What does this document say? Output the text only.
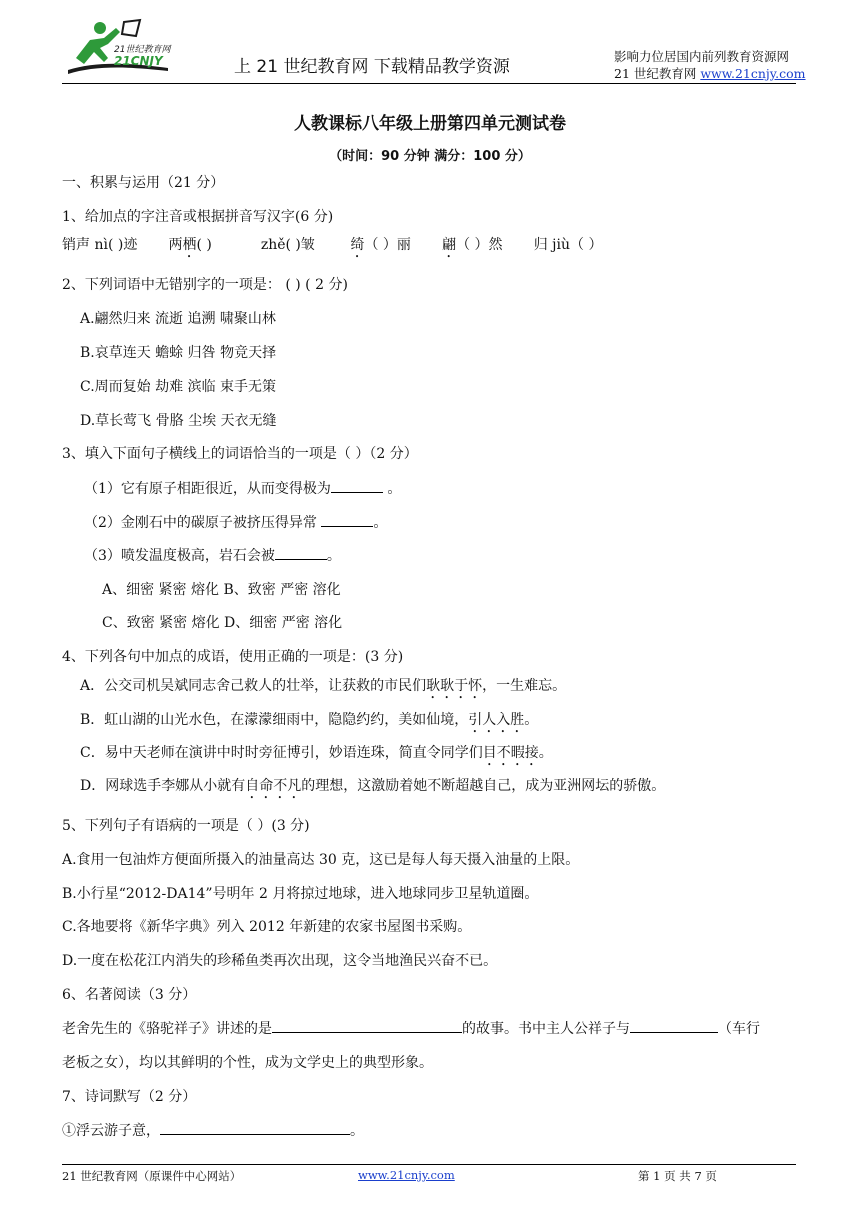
21世纪教育网
21CNJY	上 21 世纪教育网 下载精品教学资源
影响力位居国内前列教育资源网
21 世纪教育网 www.21cnjy.com
人教课标八年级上册第四单元测试卷
（时间：90 分钟 满分：100 分）
一、积累与运用（21 分）
1、给加点的字注音或根据拼音写汉字(6 分)
销声 nì( )迹 两栖( )	zhě( )皱	绮（ ）丽 翩（ ）然 归 jiù（ ）
2、下列词语中无错别字的一项是： ( ) ( 2 分)
A.翩然归来 流逝 追溯 啸聚山林
B.哀草连天 蟾蜍 归咎 物竞天择
C.周而复始 劫难 滨临 束手无策
D.草长莺飞 骨胳 尘埃 天衣无缝
3、填入下面句子横线上的词语恰当的一项是（ ）（2 分）
（1）它有原子相距很近，从而变得极为	。
（2）金刚石中的碳原子被挤压得异常	。
（3）喷发温度极高，岩石会被	。
A、细密 紧密 熔化 B、致密 严密 溶化
C、致密 紧密 熔化 D、细密 严密 溶化
4、下列各句中加点的成语，使用正确的一项是：(3 分)
A．公交司机吴斌同志舍己救人的壮举，让获救的市民们耿耿于怀，一生难忘。
B．虹山湖的山光水色，在濛濛细雨中，隐隐约约，美如仙境，引人入胜。
C．易中天老师在演讲中时时旁征博引，妙语连珠，简直令同学们目不暇接。
D．网球选手李娜从小就有自命不凡的理想，这激励着她不断超越自己，成为亚洲网坛的骄傲。
5、下列句子有语病的一项是（ ）(3 分)
A.食用一包油炸方便面所摄入的油量高达 30 克，这已是每人每天摄入油量的上限。
B.小行星“2012-DA14”号明年 2 月将掠过地球，进入地球同步卫星轨道圈。
C.各地要将《新华字典》列入 2012 年新建的农家书屋图书采购。
D.一度在松花江内消失的珍稀鱼类再次出现，这令当地渔民兴奋不已。
6、名著阅读（3 分）
老舍先生的《骆驼祥子》讲述的是	的故事。书中主人公祥子与	（车行
老板之女），均以其鲜明的个性，成为文学史上的典型形象。
7、诗词默写（2 分）
①浮云游子意，	。
21 世纪教育网（原课件中心网站）	www.21cnjy.com	第 1 页 共 7 页
